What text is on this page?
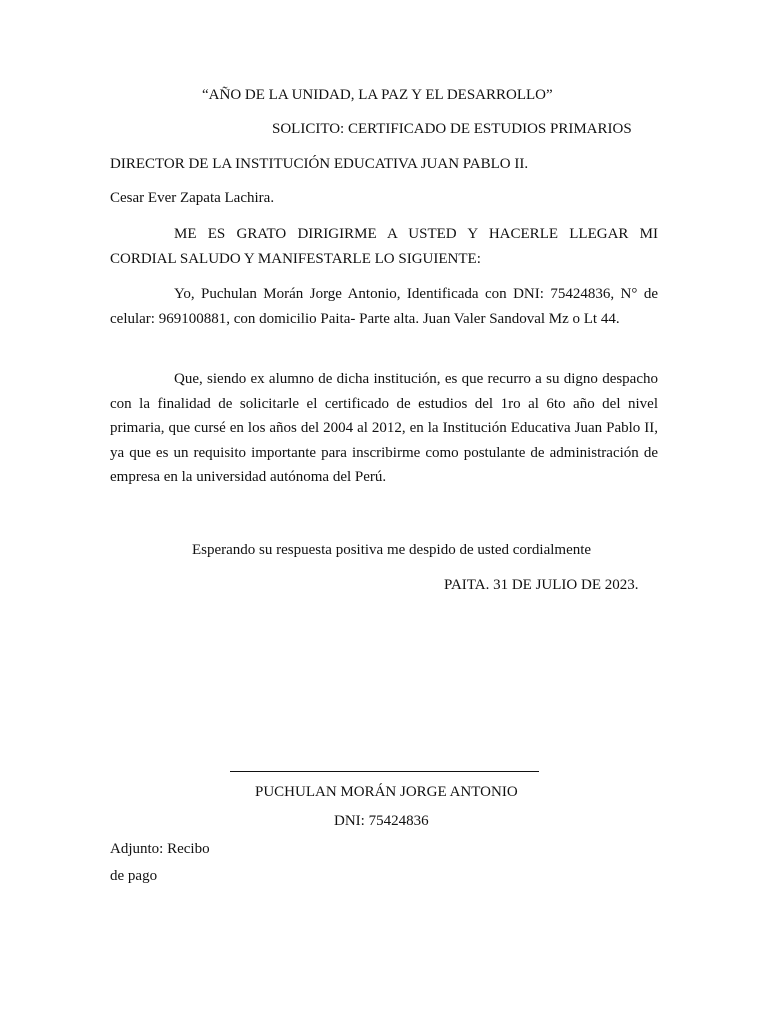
“AÑO DE LA UNIDAD, LA PAZ Y EL DESARROLLO”
SOLICITO: CERTIFICADO DE ESTUDIOS PRIMARIOS
DIRECTOR DE LA INSTITUCIÓN EDUCATIVA JUAN PABLO II.
Cesar Ever Zapata Lachira.
ME ES GRATO DIRIGIRME A USTED Y HACERLE LLEGAR MI CORDIAL SALUDO Y MANIFESTARLE LO SIGUIENTE:
Yo, Puchulan Morán Jorge Antonio, Identificada con DNI: 75424836, N° de celular: 969100881, con domicilio Paita- Parte alta. Juan Valer Sandoval Mz o Lt 44.
Que, siendo ex alumno de dicha institución, es que recurro a su digno despacho con la finalidad de solicitarle el certificado de estudios del 1ro al 6to año del nivel primaria, que cursé en los años del 2004 al 2012, en la Institución Educativa Juan Pablo II, ya que es un requisito importante para inscribirme como postulante de administración de empresa en la universidad autónoma del Perú.
Esperando su respuesta positiva me despido de usted cordialmente
PAITA. 31 DE JULIO DE 2023.
PUCHULAN MORÁN JORGE ANTONIO
DNI: 75424836
Adjunto: Recibo
de pago
